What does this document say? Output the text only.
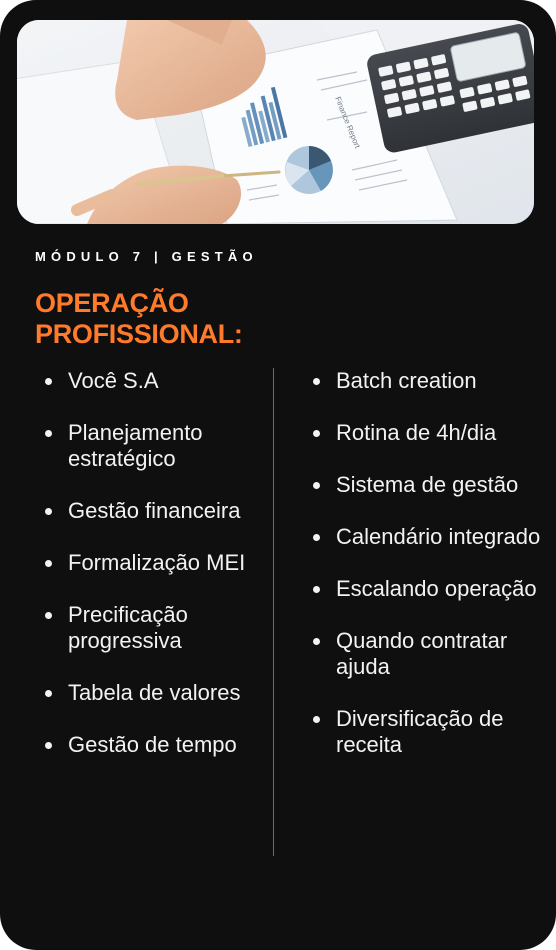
Finance Report
MÓDULO 7 | GESTÃO
OPERAÇÃO
PROFISSIONAL:
Você S.A
Planejamento estratégico
Gestão financeira
Formalização MEI
Precificação progressiva
Tabela de valores
Gestão de tempo
Batch creation
Rotina de 4h/dia
Sistema de gestão
Calendário integrado
Escalando operação
Quando contratar ajuda
Diversificação de receita
